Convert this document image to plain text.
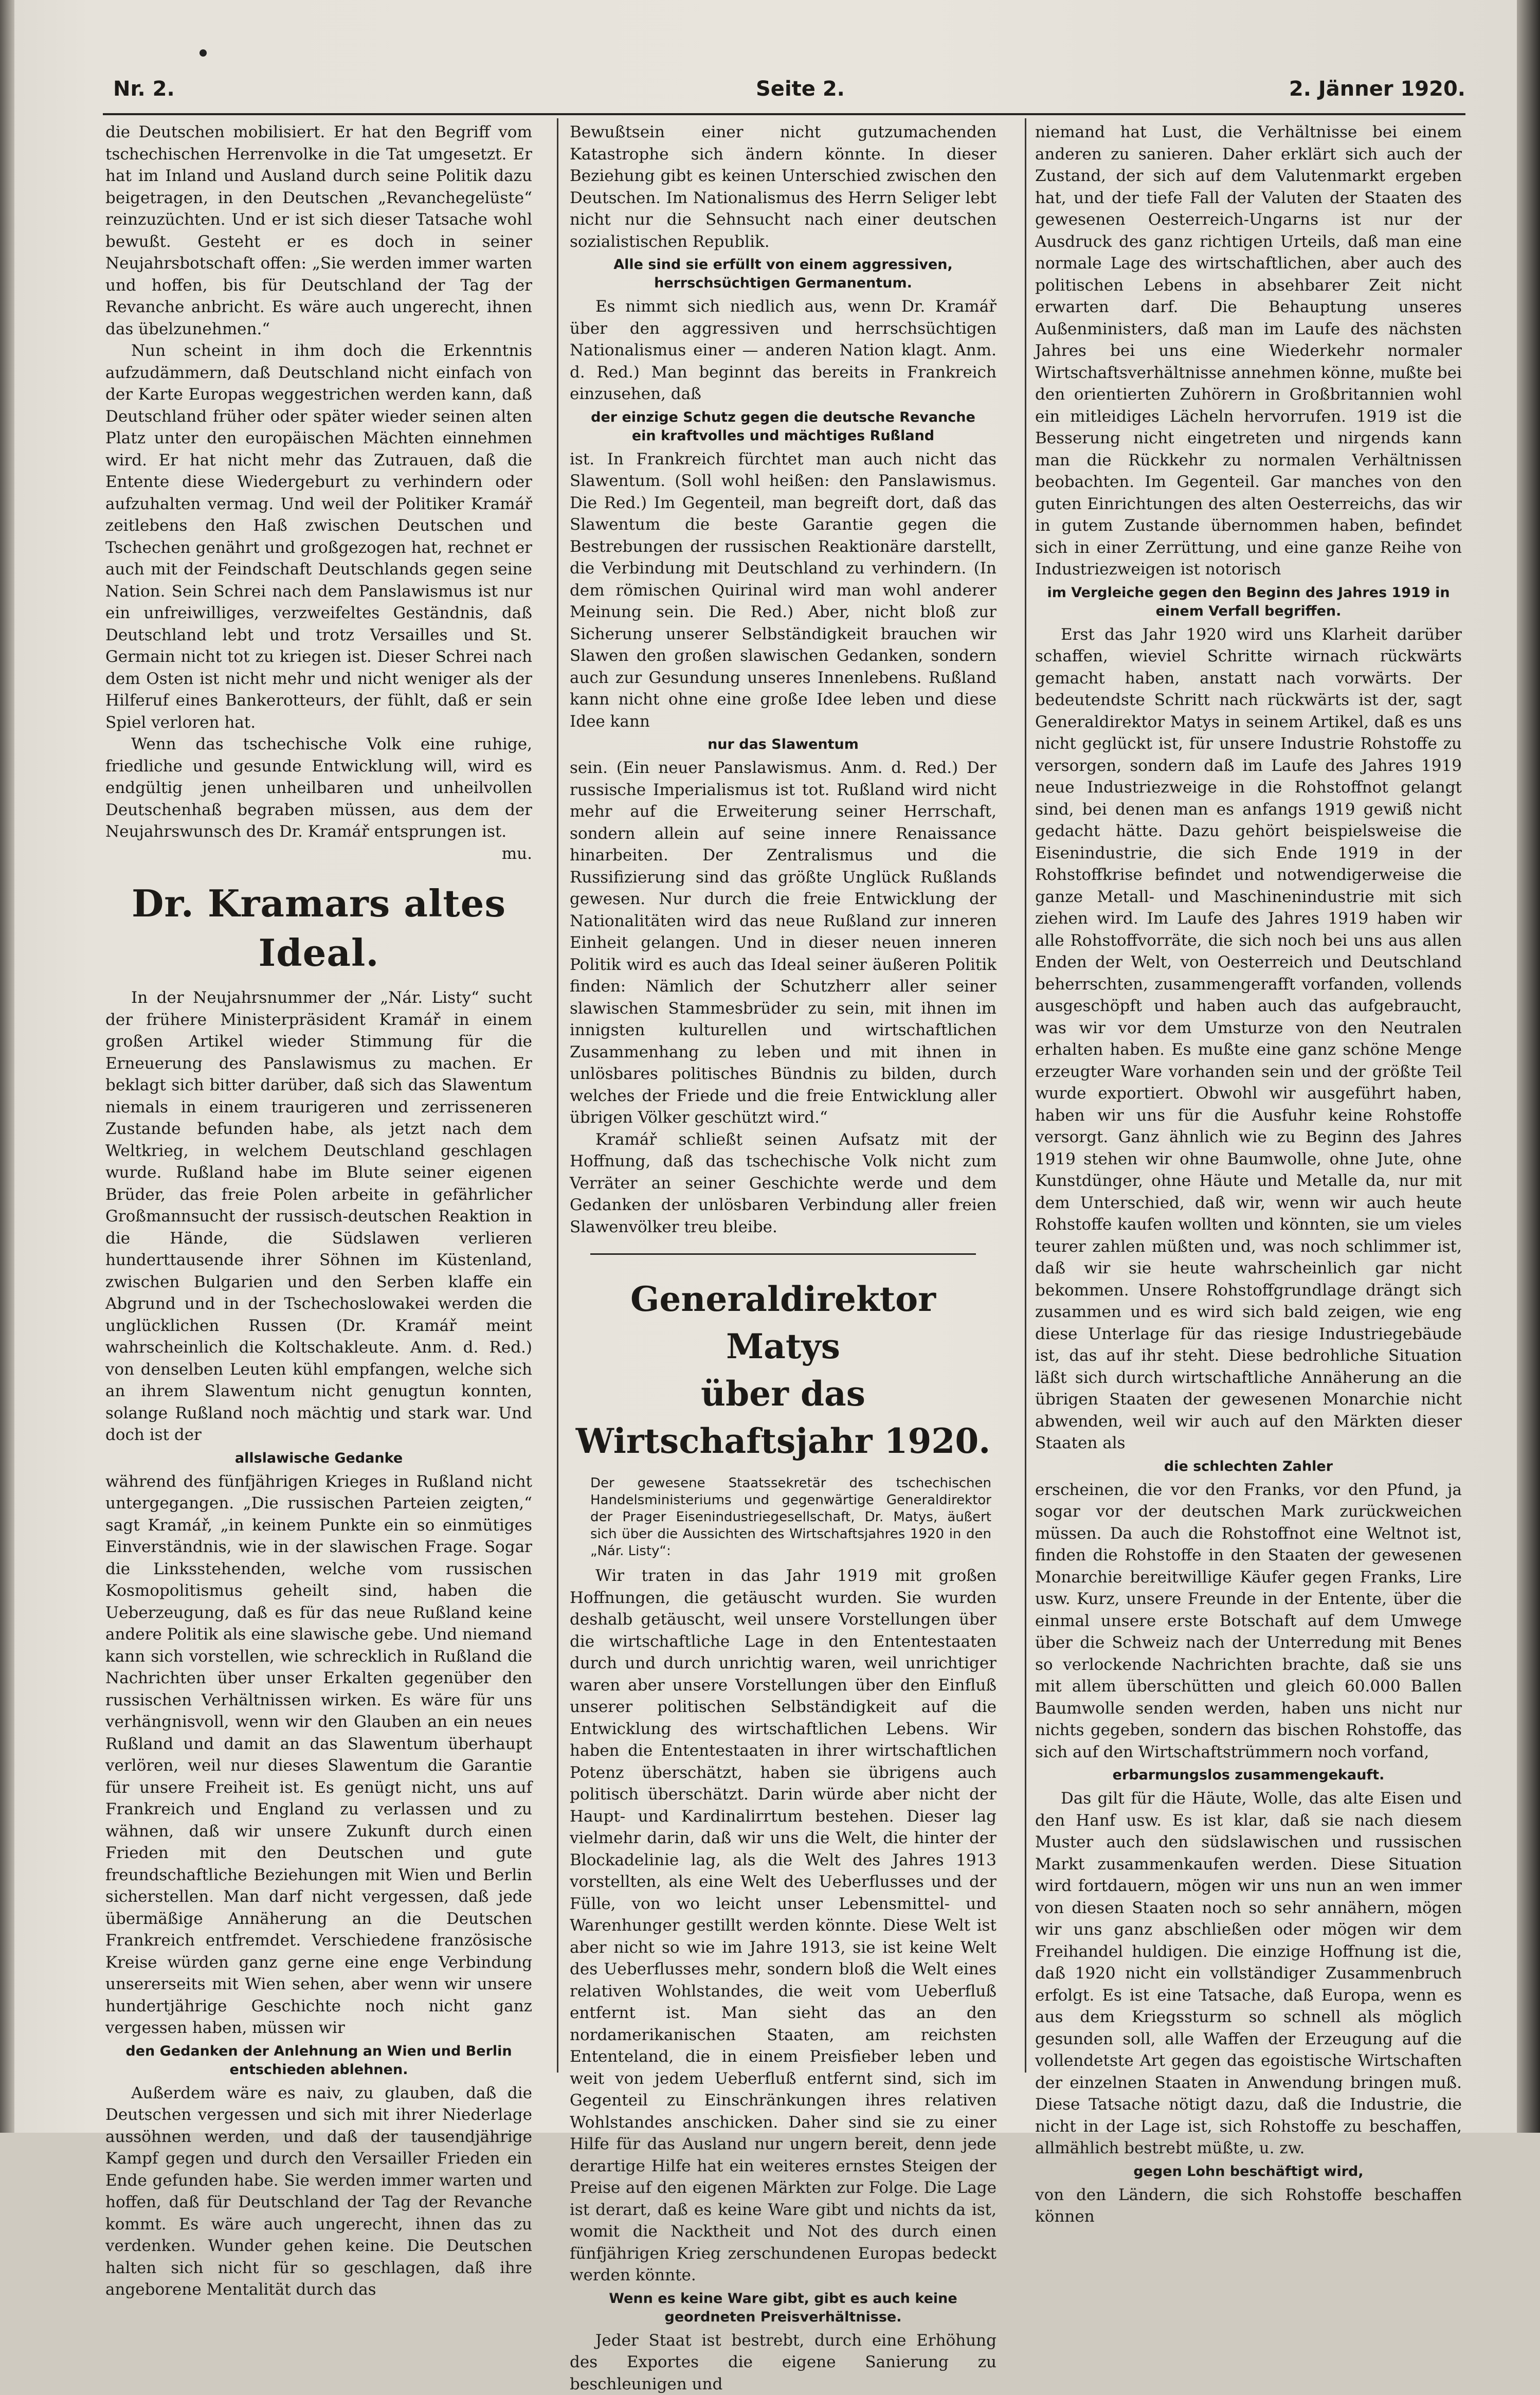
Nr. 2.	Seite 2.	2. Jänner 1920.

die Deutschen mobilisiert. Er hat den Begriff vom tschechischen Herrenvolke in die Tat umgesetzt. Er hat im Inland und Ausland durch seine Politik dazu beigetragen, in den Deutschen „Revanchegelüste“ reinzuzüchten. Und er ist sich dieser Tatsache wohl bewußt. Gesteht er es doch in seiner Neujahrsbotschaft offen: „Sie werden immer warten und hoffen, bis für Deutschland der Tag der Revanche anbricht. Es wäre auch ungerecht, ihnen das übelzunehmen.“

Nun scheint in ihm doch die Erkenntnis aufzudämmern, daß Deutschland nicht einfach von der Karte Europas weggestrichen werden kann, daß Deutschland früher oder später wieder seinen alten Platz unter den europäischen Mächten einnehmen wird. Er hat nicht mehr das Zutrauen, daß die Entente diese Wiedergeburt zu verhindern oder aufzuhalten vermag. Und weil der Politiker Kramář zeitlebens den Haß zwischen Deutschen und Tschechen genährt und großgezogen hat, rechnet er auch mit der Feindschaft Deutschlands gegen seine Nation. Sein Schrei nach dem Panslawismus ist nur ein unfreiwilliges, verzweifeltes Geständnis, daß Deutschland lebt und trotz Versailles und St. Germain nicht tot zu kriegen ist. Dieser Schrei nach dem Osten ist nicht mehr und nicht weniger als der Hilferuf eines Bankerotteurs, der fühlt, daß er sein Spiel verloren hat.

Wenn das tschechische Volk eine ruhige, friedliche und gesunde Entwicklung will, wird es endgültig jenen unheilbaren und unheilvollen Deutschenhaß begraben müssen, aus dem der Neujahrswunsch des Dr. Kramář entsprungen ist.

mu.

Dr. Kramars altes Ideal.

In der Neujahrsnummer der „Nár. Listy“ sucht der frühere Ministerpräsident Kramář in einem großen Artikel wieder Stimmung für die Erneuerung des Panslawismus zu machen. Er beklagt sich bitter darüber, daß sich das Slawentum niemals in einem traurigeren und zerrisseneren Zustande befunden habe, als jetzt nach dem Weltkrieg, in welchem Deutschland geschlagen wurde. Rußland habe im Blute seiner eigenen Brüder, das freie Polen arbeite in gefährlicher Großmannsucht der russisch-deutschen Reaktion in die Hände, die Südslawen verlieren hunderttausende ihrer Söhnen im Küstenland, zwischen Bulgarien und den Serben klaffe ein Abgrund und in der Tschechoslowakei werden die unglücklichen Russen (Dr. Kramář meint wahrscheinlich die Koltschakleute. Anm. d. Red.) von denselben Leuten kühl empfangen, welche sich an ihrem Slawentum nicht genugtun konnten, solange Rußland noch mächtig und stark war. Und doch ist der

allslawische Gedanke

während des fünfjährigen Krieges in Rußland nicht untergegangen. „Die russischen Parteien zeigten,“ sagt Kramář, „in keinem Punkte ein so einmütiges Einverständnis, wie in der slawischen Frage. Sogar die Linksstehenden, welche vom russischen Kosmopolitismus geheilt sind, haben die Ueberzeugung, daß es für das neue Rußland keine andere Politik als eine slawische gebe. Und niemand kann sich vorstellen, wie schrecklich in Rußland die Nachrichten über unser Erkalten gegenüber den russischen Verhältnissen wirken. Es wäre für uns verhängnisvoll, wenn wir den Glauben an ein neues Rußland und damit an das Slawentum überhaupt verlören, weil nur dieses Slawentum die Garantie für unsere Freiheit ist. Es genügt nicht, uns auf Frankreich und England zu verlassen und zu wähnen, daß wir unsere Zukunft durch einen Frieden mit den Deutschen und gute freundschaftliche Beziehungen mit Wien und Berlin sicherstellen. Man darf nicht vergessen, daß jede übermäßige Annäherung an die Deutschen Frankreich entfremdet. Verschiedene französische Kreise würden ganz gerne eine enge Verbindung unsererseits mit Wien sehen, aber wenn wir unsere hundertjährige Geschichte noch nicht ganz vergessen haben, müssen wir

den Gedanken der Anlehnung an Wien und Berlin entschieden ablehnen.

Außerdem wäre es naiv, zu glauben, daß die Deutschen vergessen und sich mit ihrer Niederlage aussöhnen werden, und daß der tausendjährige Kampf gegen und durch den Versailler Frieden ein Ende gefunden habe. Sie werden immer warten und hoffen, daß für Deutschland der Tag der Revanche kommt. Es wäre auch ungerecht, ihnen das zu verdenken. Wunder gehen keine. Die Deutschen halten sich nicht für so geschlagen, daß ihre angeborene Mentalität durch das

Bewußtsein einer nicht gutzumachenden Katastrophe sich ändern könnte. In dieser Beziehung gibt es keinen Unterschied zwischen den Deutschen. Im Nationalismus des Herrn Seliger lebt nicht nur die Sehnsucht nach einer deutschen sozialistischen Republik.

Alle sind sie erfüllt von einem aggressiven, herrschsüchtigen Germanentum.

Es nimmt sich niedlich aus, wenn Dr. Kramář über den aggressiven und herrschsüchtigen Nationalismus einer — anderen Nation klagt. Anm. d. Red.) Man beginnt das bereits in Frankreich einzusehen, daß

der einzige Schutz gegen die deutsche Revanche ein kraftvolles und mächtiges Rußland

ist. In Frankreich fürchtet man auch nicht das Slawentum. (Soll wohl heißen: den Panslawismus. Die Red.) Im Gegenteil, man begreift dort, daß das Slawentum die beste Garantie gegen die Bestrebungen der russischen Reaktionäre darstellt, die Verbindung mit Deutschland zu verhindern. (In dem römischen Quirinal wird man wohl anderer Meinung sein. Die Red.) Aber, nicht bloß zur Sicherung unserer Selbständigkeit brauchen wir Slawen den großen slawischen Gedanken, sondern auch zur Gesundung unseres Innenlebens. Rußland kann nicht ohne eine große Idee leben und diese Idee kann

nur das Slawentum

sein. (Ein neuer Panslawismus. Anm. d. Red.) Der russische Imperialismus ist tot. Rußland wird nicht mehr auf die Erweiterung seiner Herrschaft, sondern allein auf seine innere Renaissance hinarbeiten. Der Zentralismus und die Russifizierung sind das größte Unglück Rußlands gewesen. Nur durch die freie Entwicklung der Nationalitäten wird das neue Rußland zur inneren Einheit gelangen. Und in dieser neuen inneren Politik wird es auch das Ideal seiner äußeren Politik finden: Nämlich der Schutzherr aller seiner slawischen Stammesbrüder zu sein, mit ihnen im innigsten kulturellen und wirtschaftlichen Zusammenhang zu leben und mit ihnen in unlösbares politisches Bündnis zu bilden, durch welches der Friede und die freie Entwicklung aller übrigen Völker geschützt wird.“

Kramář schließt seinen Aufsatz mit der Hoffnung, daß das tschechische Volk nicht zum Verräter an seiner Geschichte werde und dem Gedanken der unlösbaren Verbindung aller freien Slawenvölker treu bleibe.

Generaldirektor Matys
über das Wirtschaftsjahr 1920.
Der gewesene Staatssekretär des tschechischen Handelsministeriums und gegenwärtige Generaldirektor der Prager Eisenindustriegesellschaft, Dr. Matys, äußert sich über die Aussichten des Wirtschaftsjahres 1920 in den „Nár. Listy“:

Wir traten in das Jahr 1919 mit großen Hoffnungen, die getäuscht wurden. Sie wurden deshalb getäuscht, weil unsere Vorstellungen über die wirtschaftliche Lage in den Ententestaaten durch und durch unrichtig waren, weil unrichtiger waren aber unsere Vorstellungen über den Einfluß unserer politischen Selbständigkeit auf die Entwicklung des wirtschaftlichen Lebens. Wir haben die Ententestaaten in ihrer wirtschaftlichen Potenz überschätzt, haben sie übrigens auch politisch überschätzt. Darin würde aber nicht der Haupt- und Kardinalirrtum bestehen. Dieser lag vielmehr darin, daß wir uns die Welt, die hinter der Blockadelinie lag, als die Welt des Jahres 1913 vorstellten, als eine Welt des Ueberflusses und der Fülle, von wo leicht unser Lebensmittel- und Warenhunger gestillt werden könnte. Diese Welt ist aber nicht so wie im Jahre 1913, sie ist keine Welt des Ueberflusses mehr, sondern bloß die Welt eines relativen Wohlstandes, die weit vom Ueberfluß entfernt ist. Man sieht das an den nordamerikanischen Staaten, am reichsten Ententeland, die in einem Preisfieber leben und weit von jedem Ueberfluß entfernt sind, sich im Gegenteil zu Einschränkungen ihres relativen Wohlstandes anschicken. Daher sind sie zu einer Hilfe für das Ausland nur ungern bereit, denn jede derartige Hilfe hat ein weiteres ernstes Steigen der Preise auf den eigenen Märkten zur Folge. Die Lage ist derart, daß es keine Ware gibt und nichts da ist, womit die Nacktheit und Not des durch einen fünfjährigen Krieg zerschundenen Europas bedeckt werden könnte.

Wenn es keine Ware gibt, gibt es auch keine geordneten Preisverhältnisse.

Jeder Staat ist bestrebt, durch eine Erhöhung des Exportes die eigene Sanierung zu beschleunigen und

niemand hat Lust, die Verhältnisse bei einem anderen zu sanieren. Daher erklärt sich auch der Zustand, der sich auf dem Valutenmarkt ergeben hat, und der tiefe Fall der Valuten der Staaten des gewesenen Oesterreich-Ungarns ist nur der Ausdruck des ganz richtigen Urteils, daß man eine normale Lage des wirtschaftlichen, aber auch des politischen Lebens in absehbarer Zeit nicht erwarten darf. Die Behauptung unseres Außenministers, daß man im Laufe des nächsten Jahres bei uns eine Wiederkehr normaler Wirtschaftsverhältnisse annehmen könne, mußte bei den orientierten Zuhörern in Großbritannien wohl ein mitleidiges Lächeln hervorrufen. 1919 ist die Besserung nicht eingetreten und nirgends kann man die Rückkehr zu normalen Verhältnissen beobachten. Im Gegenteil. Gar manches von den guten Einrichtungen des alten Oesterreichs, das wir in gutem Zustande übernommen haben, befindet sich in einer Zerrüttung, und eine ganze Reihe von Industriezweigen ist notorisch

im Vergleiche gegen den Beginn des Jahres 1919 in einem Verfall begriffen.

Erst das Jahr 1920 wird uns Klarheit darüber schaffen, wieviel Schritte wirnach rückwärts gemacht haben, anstatt nach vorwärts. Der bedeutendste Schritt nach rückwärts ist der, sagt Generaldirektor Matys in seinem Artikel, daß es uns nicht geglückt ist, für unsere Industrie Rohstoffe zu versorgen, sondern daß im Laufe des Jahres 1919 neue Industriezweige in die Rohstoffnot gelangt sind, bei denen man es anfangs 1919 gewiß nicht gedacht hätte. Dazu gehört beispielsweise die Eisenindustrie, die sich Ende 1919 in der Rohstoffkrise befindet und notwendigerweise die ganze Metall- und Maschinenindustrie mit sich ziehen wird. Im Laufe des Jahres 1919 haben wir alle Rohstoffvorräte, die sich noch bei uns aus allen Enden der Welt, von Oesterreich und Deutschland beherrschten, zusammengerafft vorfanden, vollends ausgeschöpft und haben auch das aufgebraucht, was wir vor dem Umsturze von den Neutralen erhalten haben. Es mußte eine ganz schöne Menge erzeugter Ware vorhanden sein und der größte Teil wurde exportiert. Obwohl wir ausgeführt haben, haben wir uns für die Ausfuhr keine Rohstoffe versorgt. Ganz ähnlich wie zu Beginn des Jahres 1919 stehen wir ohne Baumwolle, ohne Jute, ohne Kunstdünger, ohne Häute und Metalle da, nur mit dem Unterschied, daß wir, wenn wir auch heute Rohstoffe kaufen wollten und könnten, sie um vieles teurer zahlen müßten und, was noch schlimmer ist, daß wir sie heute wahrscheinlich gar nicht bekommen. Unsere Rohstoffgrundlage drängt sich zusammen und es wird sich bald zeigen, wie eng diese Unterlage für das riesige Industriegebäude ist, das auf ihr steht. Diese bedrohliche Situation läßt sich durch wirtschaftliche Annäherung an die übrigen Staaten der gewesenen Monarchie nicht abwenden, weil wir auch auf den Märkten dieser Staaten als

die schlechten Zahler

erscheinen, die vor den Franks, vor den Pfund, ja sogar vor der deutschen Mark zurückweichen müssen. Da auch die Rohstoffnot eine Weltnot ist, finden die Rohstoffe in den Staaten der gewesenen Monarchie bereitwillige Käufer gegen Franks, Lire usw. Kurz, unsere Freunde in der Entente, über die einmal unsere erste Botschaft auf dem Umwege über die Schweiz nach der Unterredung mit Benes so verlockende Nachrichten brachte, daß sie uns mit allem überschütten und gleich 60.000 Ballen Baumwolle senden werden, haben uns nicht nur nichts gegeben, sondern das bischen Rohstoffe, das sich auf den Wirtschaftstrümmern noch vorfand,

erbarmungslos zusammengekauft.

Das gilt für die Häute, Wolle, das alte Eisen und den Hanf usw. Es ist klar, daß sie nach diesem Muster auch den südslawischen und russischen Markt zusammenkaufen werden. Diese Situation wird fortdauern, mögen wir uns nun an wen immer von diesen Staaten noch so sehr annähern, mögen wir uns ganz abschließen oder mögen wir dem Freihandel huldigen. Die einzige Hoffnung ist die, daß 1920 nicht ein vollständiger Zusammenbruch erfolgt. Es ist eine Tatsache, daß Europa, wenn es aus dem Kriegssturm so schnell als möglich gesunden soll, alle Waffen der Erzeugung auf die vollendetste Art gegen das egoistische Wirtschaften der einzelnen Staaten in Anwendung bringen muß. Diese Tatsache nötigt dazu, daß die Industrie, die nicht in der Lage ist, sich Rohstoffe zu beschaffen, allmählich bestrebt müßte, u. zw.

gegen Lohn beschäftigt wird,

von den Ländern, die sich Rohstoffe beschaffen können
